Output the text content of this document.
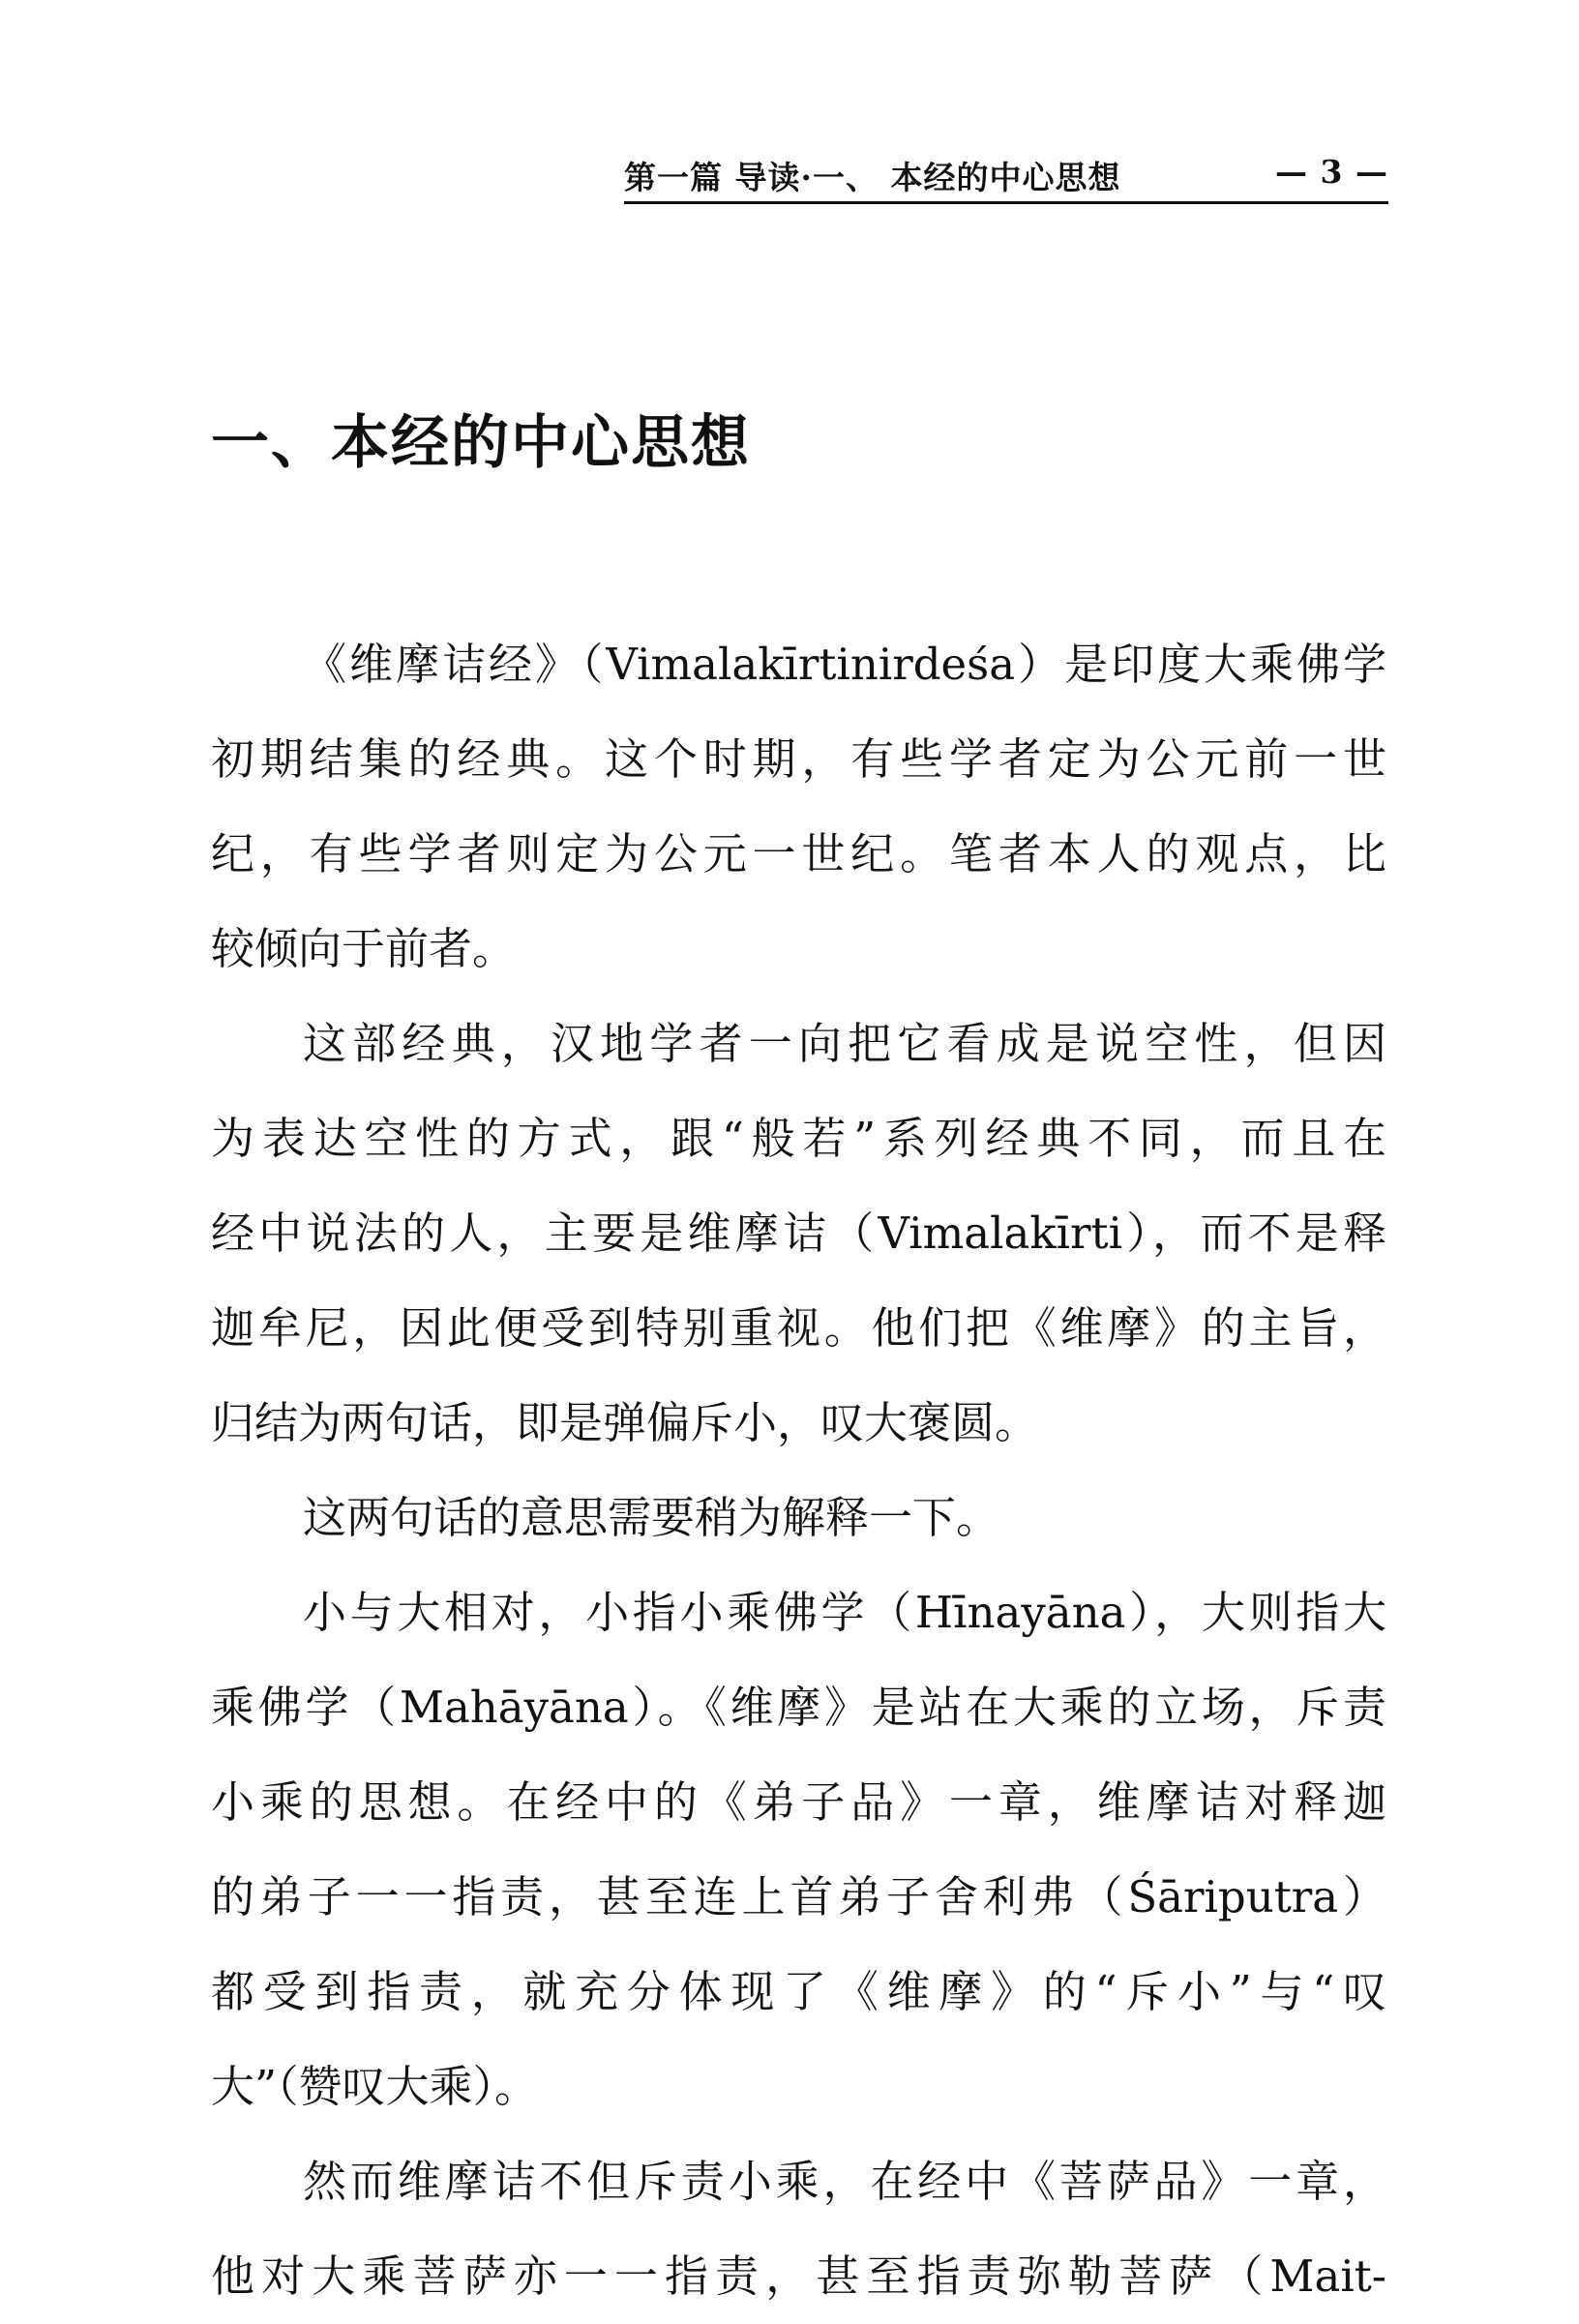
第一篇 导读·一、 本经的中心思想	— 3 —
一、本经的中心思想
《维摩诘经》（Vimalakīrtinirdeśa）是印度大乘佛学
初期结集的经典。这个时期，有些学者定为公元前一世
纪，有些学者则定为公元一世纪。笔者本人的观点，比
较倾向于前者。
这部经典，汉地学者一向把它看成是说空性，但因
为表达空性的方式，跟“般若”系列经典不同，而且在
经中说法的人，主要是维摩诘（Vimalakīrti），而不是释
迦牟尼，因此便受到特别重视。他们把《维摩》的主旨，
归结为两句话，即是弹偏斥小，叹大褒圆。
这两句话的意思需要稍为解释一下。
小与大相对，小指小乘佛学（Hīnayāna），大则指大
乘佛学（Mahāyāna）。《维摩》是站在大乘的立场，斥责
小乘的思想。在经中的《弟子品》一章，维摩诘对释迦
的弟子一一指责，甚至连上首弟子舍利弗（Śāriputra）
都受到指责，就充分体现了《维摩》的“斥小”与“叹
大”（赞叹大乘）。
然而维摩诘不但斥责小乘，在经中《菩萨品》一章，
他对大乘菩萨亦一一指责，甚至指责弥勒菩萨（Mait-
